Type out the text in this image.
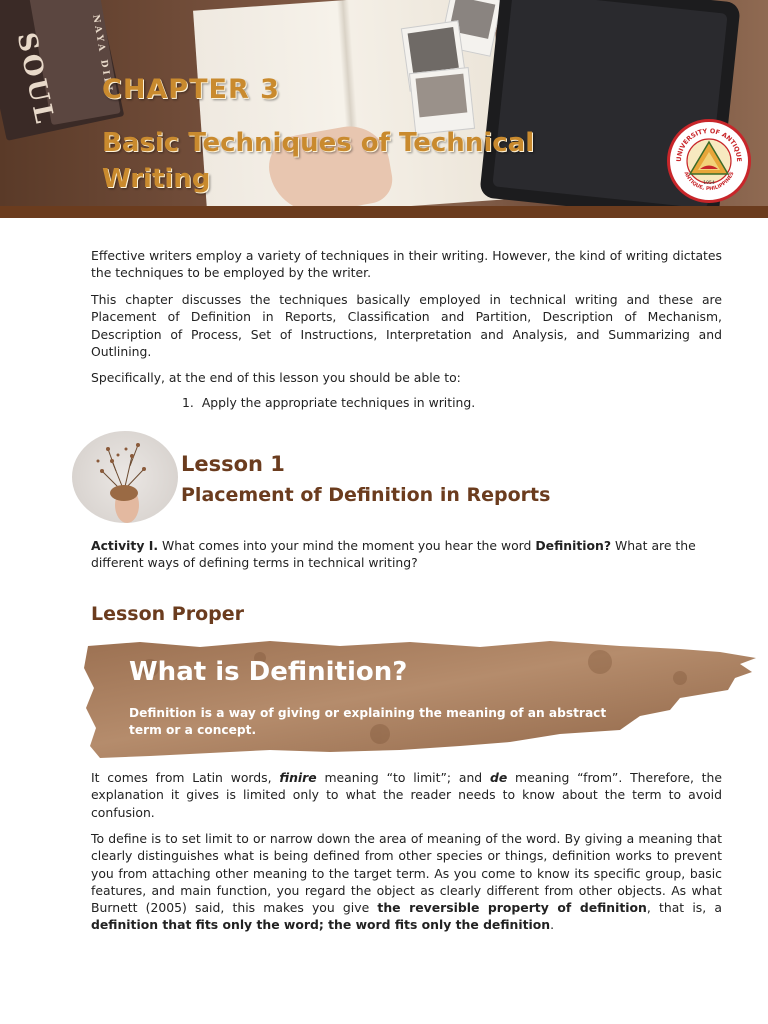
SOUL	NAYA DILL
CHAPTER 3
Basic Techniques of Technical Writing
UNIVERSITY OF ANTIQUE
ANTIQUE, PHILIPPINES
1954

Effective writers employ a variety of techniques in their writing. However, the kind of writing dictates the techniques to be employed by the writer.

This chapter discusses the techniques basically employed in technical writing and these are Placement of Definition in Reports, Classification and Partition, Description of Mechanism, Description of Process, Set of Instructions, Interpretation and Analysis, and Summarizing and Outlining.

Specifically, at the end of this lesson you should be able to:

1. Apply the appropriate techniques in writing.
Lesson 1
Placement of Definition in Reports

Activity I. What comes into your mind the moment you hear the word Definition? What are the different ways of defining terms in technical writing?

Lesson Proper
What is Definition?

Definition is a way of giving or explaining the meaning of an abstract term or a concept.

It comes from Latin words, finire meaning “to limit”; and de meaning “from”. Therefore, the explanation it gives is limited only to what the reader needs to know about the term to avoid confusion.

To define is to set limit to or narrow down the area of meaning of the word. By giving a meaning that clearly distinguishes what is being defined from other species or things, definition works to prevent you from attaching other meaning to the target term. As you come to know its specific group, basic features, and main function, you regard the object as clearly different from other objects. As what Burnett (2005) said, this makes you give the reversible property of definition, that is, a definition that fits only the word; the word fits only the definition.
